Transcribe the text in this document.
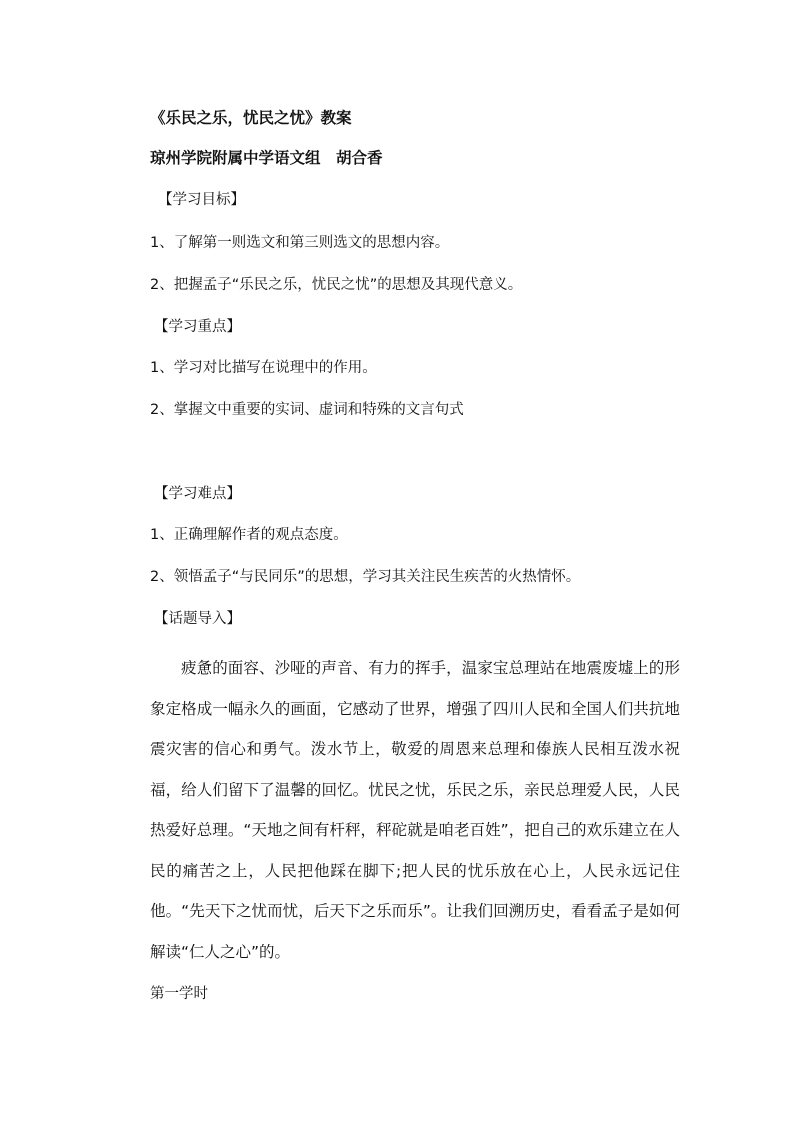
《乐民之乐，忧民之忧》教案
琼州学院附属中学语文组　胡合香
【学习目标】
1、了解第一则选文和第三则选文的思想内容。
2、把握孟子“乐民之乐，忧民之忧”的思想及其现代意义。
【学习重点】
1、学习对比描写在说理中的作用。
2、掌握文中重要的实词、虚词和特殊的文言句式
【学习难点】
1、正确理解作者的观点态度。
2、领悟孟子“与民同乐”的思想，学习其关注民生疾苦的火热情怀。
【话题导入】

疲惫的面容、沙哑的声音、有力的挥手，温家宝总理站在地震废墟上的形象定格成一幅永久的画面，它感动了世界，增强了四川人民和全国人们共抗地震灾害的信心和勇气。泼水节上，敬爱的周恩来总理和傣族人民相互泼水祝福，给人们留下了温馨的回忆。忧民之忧，乐民之乐，亲民总理爱人民，人民热爱好总理。“天地之间有杆秤，秤砣就是咱老百姓”，把自己的欢乐建立在人民的痛苦之上，人民把他踩在脚下;把人民的忧乐放在心上，人民永远记住他。“先天下之忧而忧，后天下之乐而乐”。让我们回溯历史，看看孟子是如何解读“仁人之心”的。

第一学时
